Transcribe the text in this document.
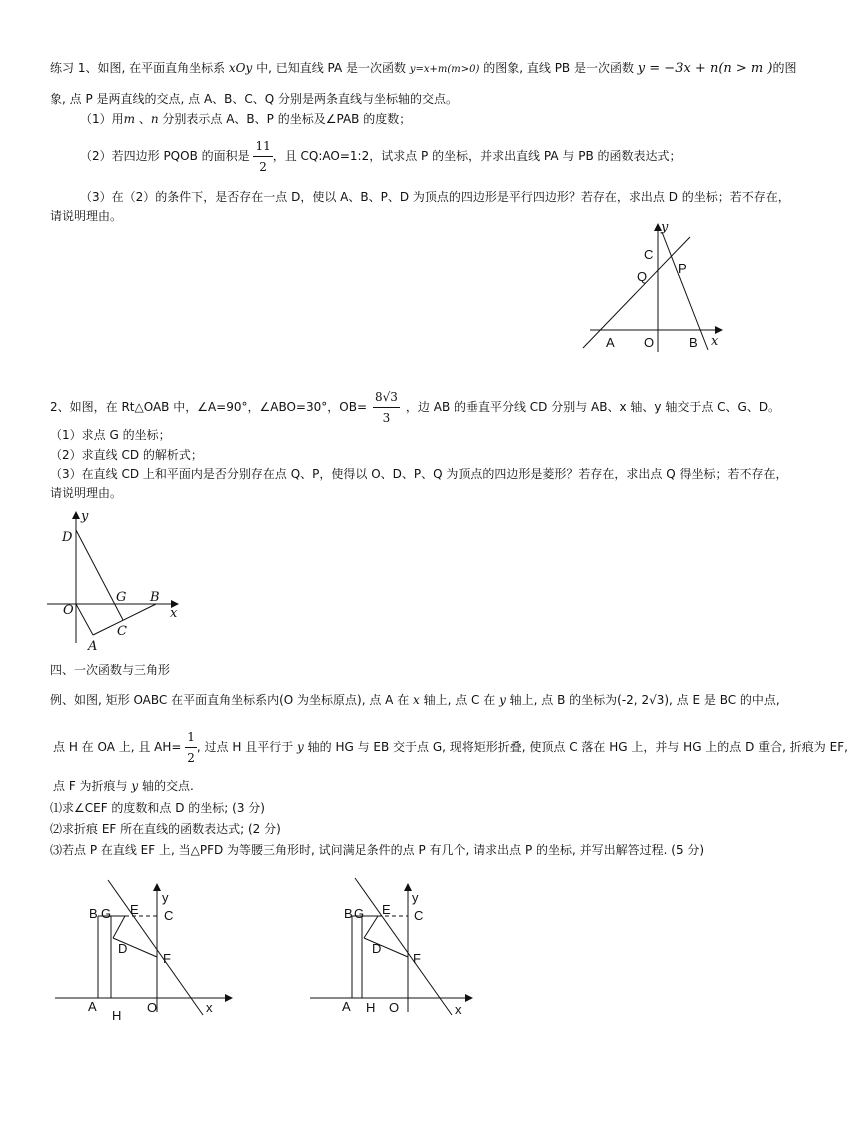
练习 1、如图, 在平面直角坐标系 xOy 中, 已知直线 PA 是一次函数 y=x+m(m>0) 的图象, 直线 PB 是一次函数 y = −3x + n(n > m )的图
象, 点 P 是两直线的交点, 点 A、B、C、Q 分别是两条直线与坐标轴的交点。
（1）用m 、n 分别表示点 A、B、P 的坐标及∠PAB 的度数；
（2）若四边形 PQOB 的面积是 $\frac{11}{2}$ ，且 CQ:AO=1:2，试求点 P 的坐标，并求出直线 PA 与 PB 的函数表达式；
（3）在（2）的条件下，是否存在一点 D，使以 A、B、P、D 为顶点的四边形是平行四边形？若存在，求出点 D 的坐标；若不存在，
请说明理由。
y
x
C
P
Q
A O	B
2、如图，在 Rt△OAB 中，∠A=90°，∠ABO=30°，$OB= \frac{8√3}{3}$ ，边 AB 的垂直平分线 CD 分别与 AB、x 轴、y 轴交于点 C、G、D。
（1）求点 G 的坐标；
（2）求直线 CD 的解析式；
（3）在直线 CD 上和平面内是否分别存在点 Q、P，使得以 O、D、P、Q 为顶点的四边形是菱形？若存在，求出点 Q 得坐标；若不存在，
请说明理由。
y
x
D
O
G B
A
C
四、一次函数与三角形
例、如图, 矩形 OABC 在平面直角坐标系内(O 为坐标原点), 点 A 在 x 轴上, 点 C 在 y 轴上, 点 B 的坐标为(-2, 2√3), 点 E 是 BC 的中点,
点 H 在 OA 上, 且 $AH= \frac{1}{2}$ , 过点 H 且平行于 y 轴的 HG 与 EB 交于点 G, 现将矩形折叠, 使顶点 C 落在 HG 上，并与 HG 上的点 D 重合, 折痕为 EF,
点 F 为折痕与 y 轴的交点.
⑴求∠CEF 的度数和点 D 的坐标; (3 分)
⑵求折痕 EF 所在直线的函数表达式; (2 分)
⑶若点 P 在直线 EF 上, 当△PFD 为等腰三角形时, 试问满足条件的点 P 有几个, 请求出点 P 的坐标, 并写出解答过程. (5 分)
y
x
B G E C
D
F
A
H
O
y
x
B G E C
D
F
A H O
